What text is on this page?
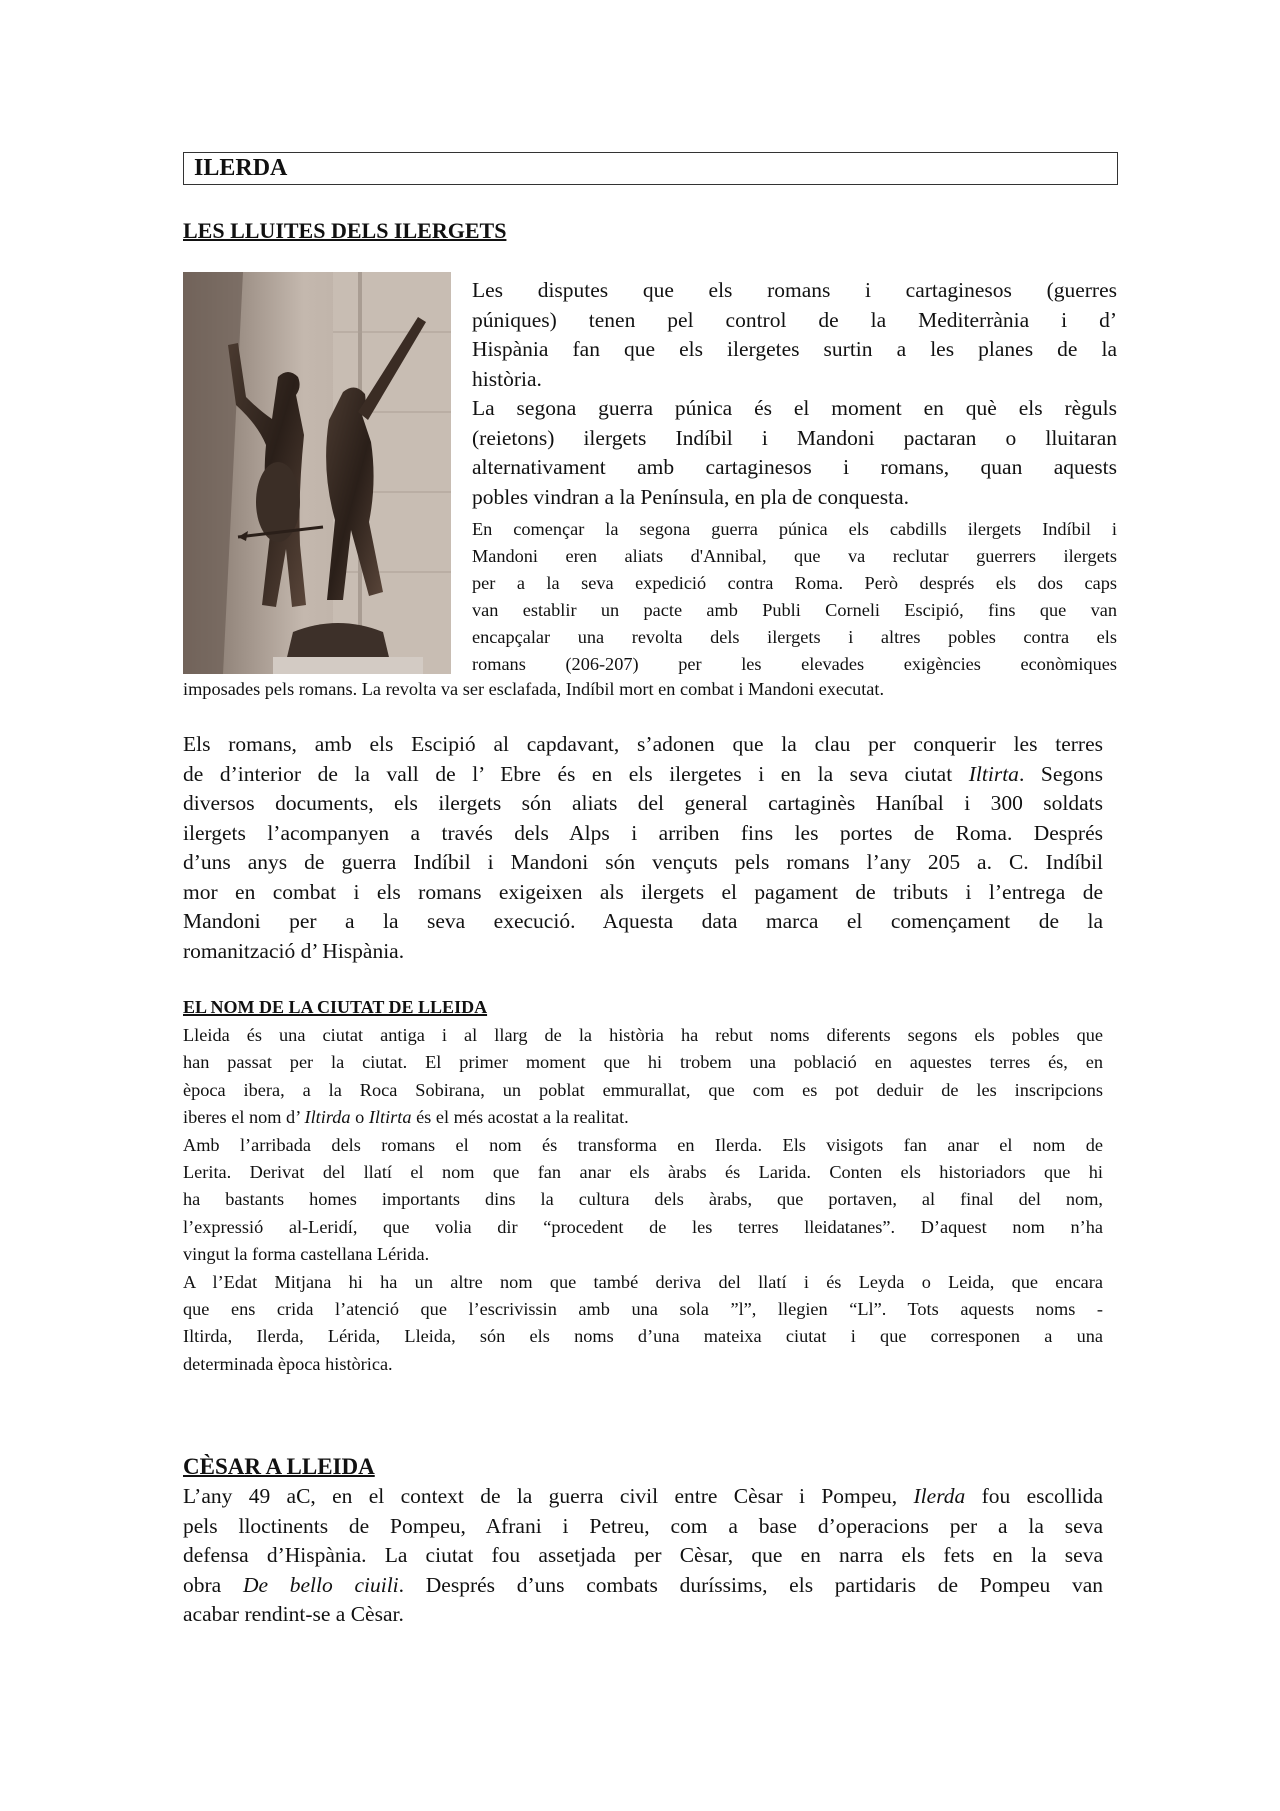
ILERDA
LES LLUITES DELS ILERGETS

Les disputes que els romans i cartaginesos (guerres
púniques) tenen pel control de la Mediterrània i d’
Hispània fan que els ilergetes surtin a les planes de la
història.
La segona guerra púnica és el moment en què els règuls
(reietons) ilergets Indíbil i Mandoni pactaran o lluitaran
alternativament amb cartaginesos i romans, quan aquests
pobles vindran a la Península, en pla de conquesta.

En començar la segona guerra púnica els cabdills ilergets Indíbil i
Mandoni eren aliats d'Annibal, que va reclutar guerrers ilergets
per a la seva expedició contra Roma. Però després els dos caps
van establir un pacte amb Publi Corneli Escipió, fins que van
encapçalar una revolta dels ilergets i altres pobles contra els
romans (206-207) per les elevades exigències econòmiques

imposades pels romans. La revolta va ser esclafada, Indíbil mort en combat i Mandoni executat.

Els romans, amb els Escipió al capdavant, s’adonen que la clau per conquerir les terres
de d’interior de la vall de l’ Ebre és en els ilergetes i en la seva ciutat Iltirta. Segons
diversos documents, els ilergets són aliats del general cartaginès Haníbal i 300 soldats
ilergets l’acompanyen a través dels Alps i arriben fins les portes de Roma. Després
d’uns anys de guerra Indíbil i Mandoni són vençuts pels romans l’any 205 a. C. Indíbil
mor en combat i els romans exigeixen als ilergets el pagament de tributs i l’entrega de
Mandoni per a la seva execució. Aquesta data marca el començament de la
romanització d’ Hispània.

EL NOM DE LA CIUTAT DE LLEIDA

Lleida és una ciutat antiga i al llarg de la història ha rebut noms diferents segons els pobles que
han passat per la ciutat. El primer moment que hi trobem una població en aquestes terres és, en
època ibera, a la Roca Sobirana, un poblat emmurallat, que com es pot deduir de les inscripcions
iberes el nom d’ Iltirda o Iltirta és el més acostat a la realitat.
Amb l’arribada dels romans el nom és transforma en Ilerda. Els visigots fan anar el nom de
Lerita. Derivat del llatí el nom que fan anar els àrabs és Larida. Conten els historiadors que hi
ha bastants homes importants dins la cultura dels àrabs, que portaven, al final del nom,
l’expressió al-Leridí, que volia dir “procedent de les terres lleidatanes”. D’aquest nom n’ha
vingut la forma castellana Lérida.
A l’Edat Mitjana hi ha un altre nom que també deriva del llatí i és Leyda o Leida, que encara
que ens crida l’atenció que l’escrivissin amb una sola ”l”, llegien “Ll”. Tots aquests noms -
Iltirda, Ilerda, Lérida, Lleida, són els noms d’una mateixa ciutat i que corresponen a una
determinada època històrica.

CÈSAR A LLEIDA

L’any 49 aC, en el context de la guerra civil entre Cèsar i Pompeu, Ilerda fou escollida
pels lloctinents de Pompeu, Afrani i Petreu, com a base d’operacions per a la seva
defensa d’Hispània. La ciutat fou assetjada per Cèsar, que en narra els fets en la seva
obra De bello ciuili. Després d’uns combats duríssims, els partidaris de Pompeu van
acabar rendint-se a Cèsar.
